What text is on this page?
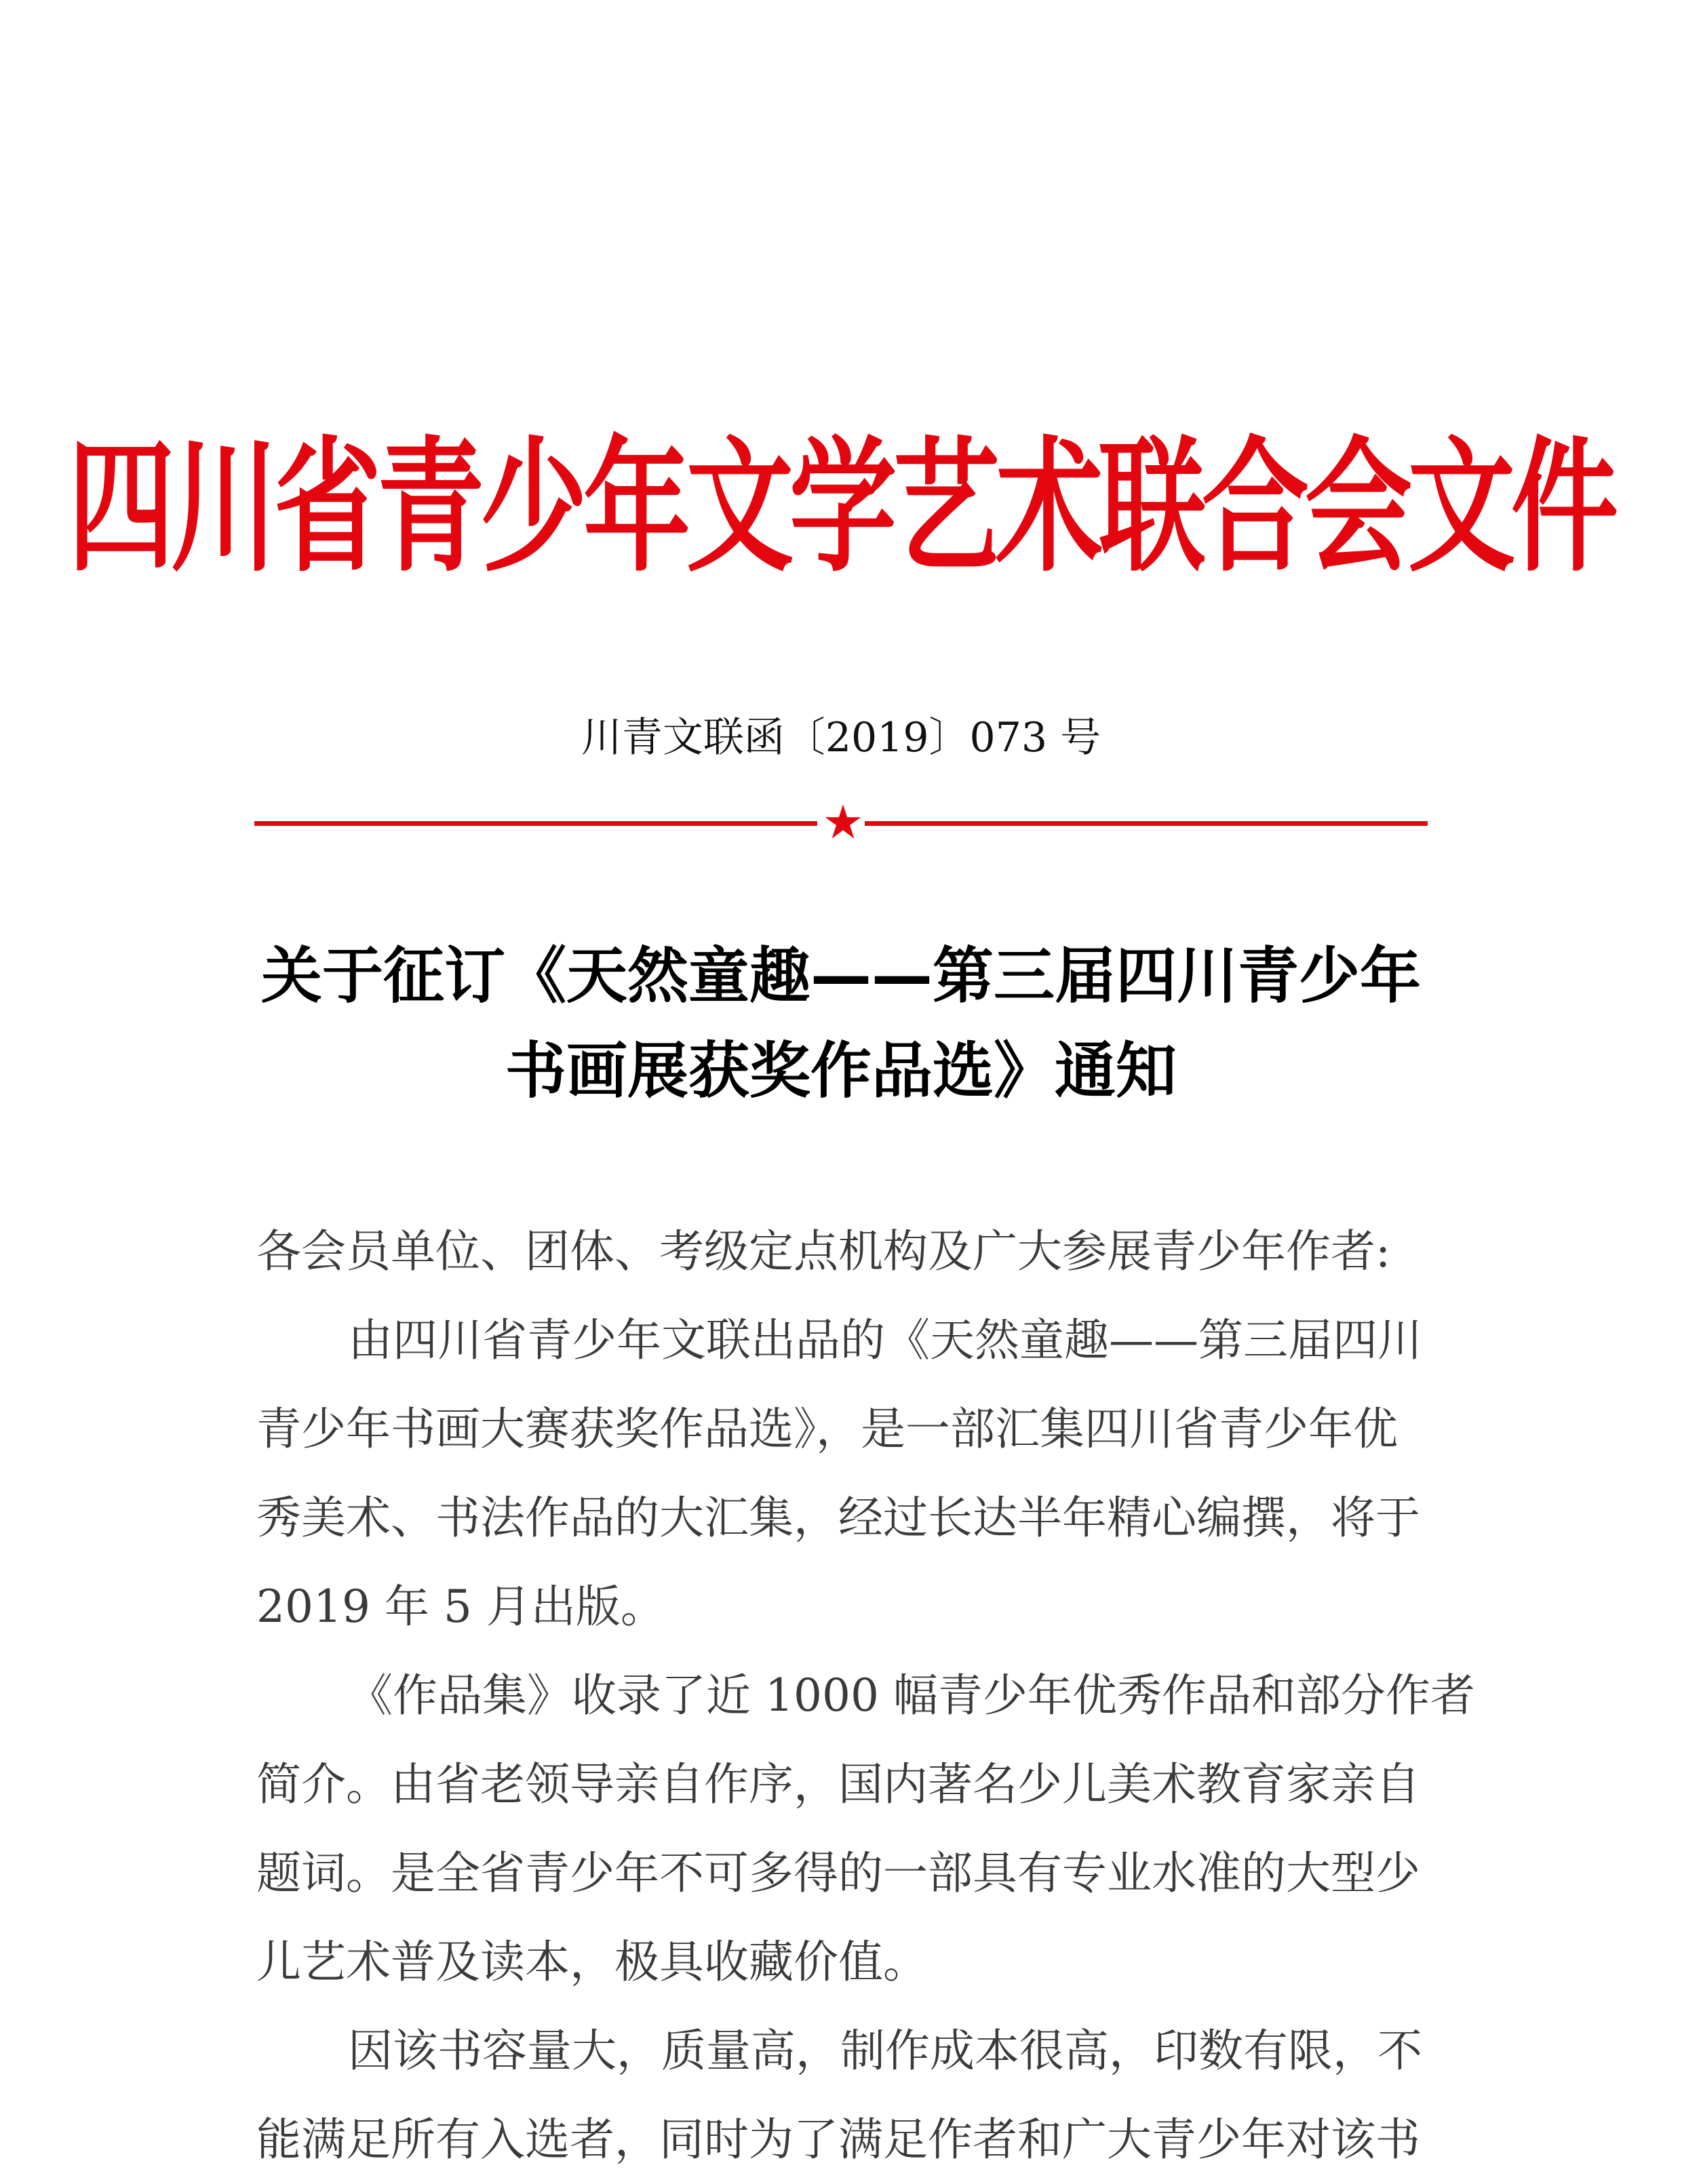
四川省青少年文学艺术联合会文件
川青文联函〔2019〕073 号
关于征订《天然童趣——第三届四川青少年
书画展获奖作品选》通知
各会员单位、团体、考级定点机构及广大参展青少年作者:
由四川省青少年文联出品的《天然童趣——第三届四川
青少年书画大赛获奖作品选》，是一部汇集四川省青少年优
秀美术、书法作品的大汇集，经过长达半年精心编撰，将于
2019 年 5 月出版。
《作品集》收录了近 1000 幅青少年优秀作品和部分作者
简介。由省老领导亲自作序，国内著名少儿美术教育家亲自
题词。是全省青少年不可多得的一部具有专业水准的大型少
儿艺术普及读本，极具收藏价值。
因该书容量大，质量高，制作成本很高，印数有限，不
能满足所有入选者，同时为了满足作者和广大青少年对该书
